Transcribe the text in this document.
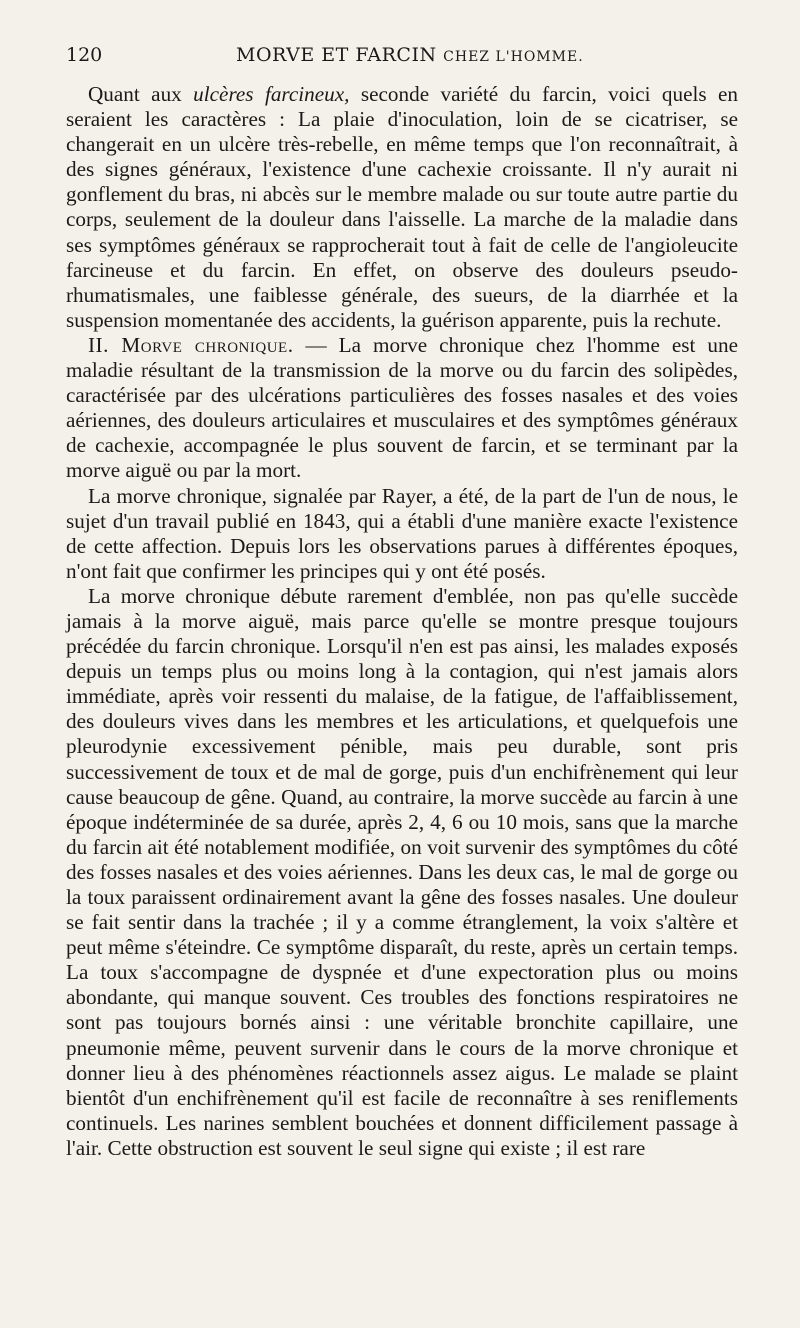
120	MORVE ET FARCIN CHEZ L'HOMME.

Quant aux ulcères farcineux, seconde variété du farcin, voici quels en seraient les caractères : La plaie d'inoculation, loin de se cicatriser, se changerait en un ulcère très-rebelle, en même temps que l'on reconnaîtrait, à des signes généraux, l'existence d'une cachexie croissante. Il n'y aurait ni gonflement du bras, ni abcès sur le membre malade ou sur toute autre partie du corps, seulement de la douleur dans l'aisselle. La marche de la maladie dans ses symptômes généraux se rapprocherait tout à fait de celle de l'angioleucite farcineuse et du farcin. En effet, on observe des douleurs pseudo-rhumatismales, une faiblesse générale, des sueurs, de la diarrhée et la suspension momentanée des accidents, la guérison apparente, puis la rechute.

II. Morve chronique. — La morve chronique chez l'homme est une maladie résultant de la transmission de la morve ou du farcin des solipèdes, caractérisée par des ulcérations particulières des fosses nasales et des voies aériennes, des douleurs articulaires et musculaires et des symptômes généraux de cachexie, accompagnée le plus souvent de farcin, et se terminant par la morve aiguë ou par la mort.

La morve chronique, signalée par Rayer, a été, de la part de l'un de nous, le sujet d'un travail publié en 1843, qui a établi d'une manière exacte l'existence de cette affection. Depuis lors les observations parues à différentes époques, n'ont fait que confirmer les principes qui y ont été posés.

La morve chronique débute rarement d'emblée, non pas qu'elle succède jamais à la morve aiguë, mais parce qu'elle se montre presque toujours précédée du farcin chronique. Lorsqu'il n'en est pas ainsi, les malades exposés depuis un temps plus ou moins long à la contagion, qui n'est jamais alors immédiate, après voir ressenti du malaise, de la fatigue, de l'affaiblissement, des douleurs vives dans les membres et les articulations, et quelquefois une pleurodynie excessivement pénible, mais peu durable, sont pris successivement de toux et de mal de gorge, puis d'un enchifrènement qui leur cause beaucoup de gêne. Quand, au contraire, la morve succède au farcin à une époque indéterminée de sa durée, après 2, 4, 6 ou 10 mois, sans que la marche du farcin ait été notablement modifiée, on voit survenir des symptômes du côté des fosses nasales et des voies aériennes. Dans les deux cas, le mal de gorge ou la toux paraissent ordinairement avant la gêne des fosses nasales. Une douleur se fait sentir dans la trachée ; il y a comme étranglement, la voix s'altère et peut même s'éteindre. Ce symptôme disparaît, du reste, après un certain temps. La toux s'accompagne de dyspnée et d'une expectoration plus ou moins abondante, qui manque souvent. Ces troubles des fonctions respiratoires ne sont pas toujours bornés ainsi : une véritable bronchite capillaire, une pneumonie même, peuvent survenir dans le cours de la morve chronique et donner lieu à des phénomènes réactionnels assez aigus. Le malade se plaint bientôt d'un enchifrènement qu'il est facile de reconnaître à ses reniflements continuels. Les narines semblent bouchées et donnent difficilement passage à l'air. Cette obstruction est souvent le seul signe qui existe ; il est rare
